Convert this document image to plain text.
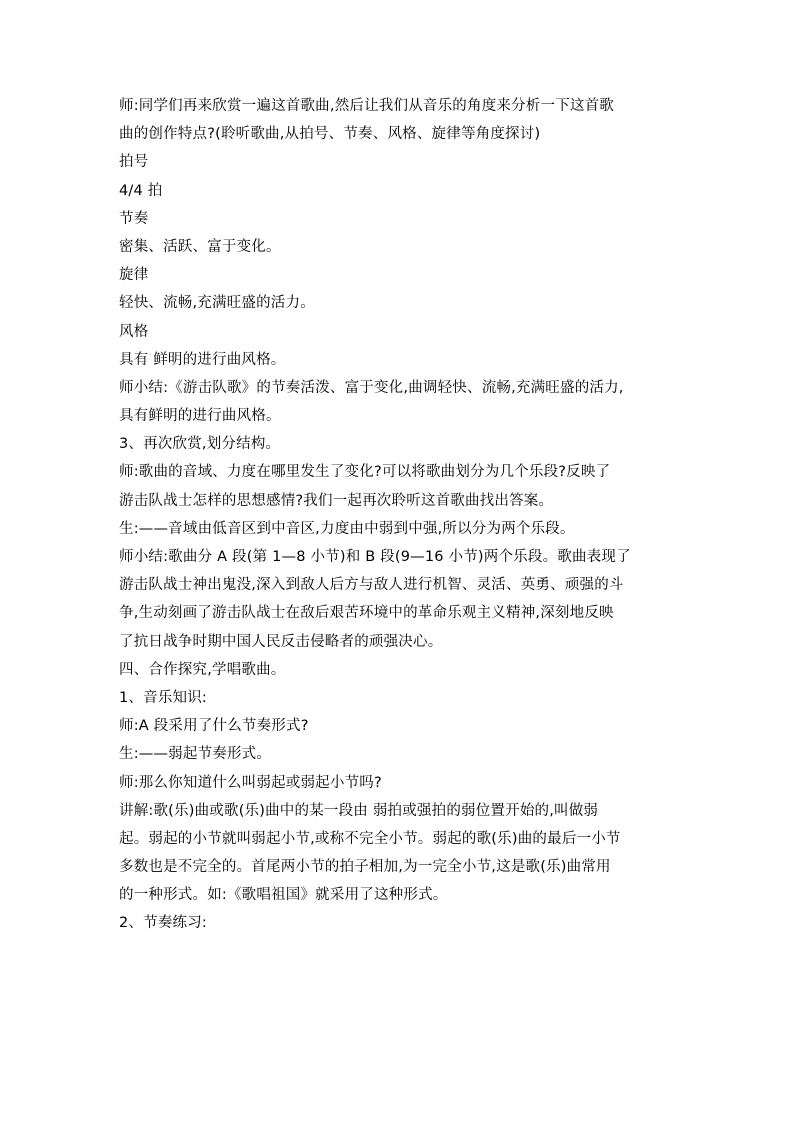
师:同学们再来欣赏一遍这首歌曲,然后让我们从音乐的角度来分析一下这首歌
曲的创作特点?(聆听歌曲,从拍号、节奏、风格、旋律等角度探讨)
拍号
4/4 拍
节奏
密集、活跃、富于变化。
旋律
轻快、流畅,充满旺盛的活力。
风格
具有 鲜明的进行曲风格。
师小结:《游击队歌》的节奏活泼、富于变化,曲调轻快、流畅,充满旺盛的活力,
具有鲜明的进行曲风格。
3、再次欣赏,划分结构。
师:歌曲的音域、力度在哪里发生了变化?可以将歌曲划分为几个乐段?反映了
游击队战士怎样的思想感情?我们一起再次聆听这首歌曲找出答案。
生:——音域由低音区到中音区,力度由中弱到中强,所以分为两个乐段。
师小结:歌曲分 A 段(第 1—8 小节)和 B 段(9—16 小节)两个乐段。歌曲表现了
游击队战士神出鬼没,深入到敌人后方与敌人进行机智、灵活、英勇、顽强的斗
争,生动刻画了游击队战士在敌后艰苦环境中的革命乐观主义精神,深刻地反映
了抗日战争时期中国人民反击侵略者的顽强决心。
四、合作探究,学唱歌曲。
1、音乐知识:
师:A 段采用了什么节奏形式?
生:——弱起节奏形式。
师:那么你知道什么叫弱起或弱起小节吗?
讲解:歌(乐)曲或歌(乐)曲中的某一段由 弱拍或强拍的弱位置开始的,叫做弱
起。弱起的小节就叫弱起小节,或称不完全小节。弱起的歌(乐)曲的最后一小节
多数也是不完全的。首尾两小节的拍子相加,为一完全小节,这是歌(乐)曲常用
的一种形式。如:《歌唱祖国》就采用了这种形式。
2、节奏练习:
